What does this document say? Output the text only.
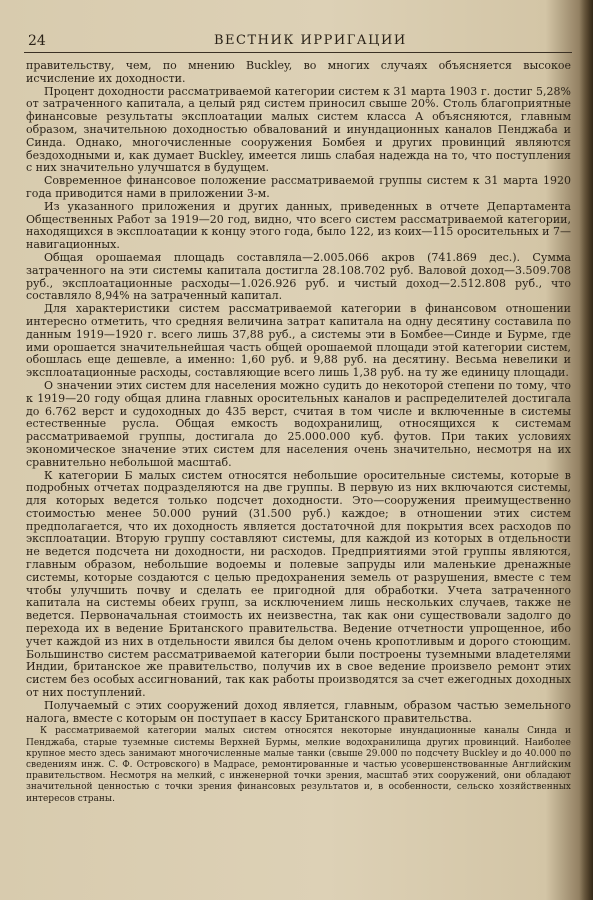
24	ВЕСТНИК ИРРИГАЦИИ

правительству, чем, по мнению Buckley, во многих случаях объясняется высокое исчисление их доходности.

Процент доходности рассматриваемой категории систем к 31 марта 1903 г. достиг 5,28% от затраченного капитала, а целый ряд систем приносил свыше 20%. Столь благоприятные финансовые результаты эксплоатации малых систем класса А объясняются, главным образом, значительною доходностью обвалований и инундационных каналов Пенджаба и Синда. Однако, многочисленные сооружения Бомбея и других провинций являются бездоходными и, как думает Buckley, имеется лишь слабая надежда на то, что поступления с них значительно улучшатся в будущем.

Современное финансовое положение рассматриваемой группы систем к 31 марта 1920 года приводится нами в приложении 3-м.

Из указанного приложения и других данных, приведенных в отчете Департамента Общественных Работ за 1919—20 год, видно, что всего систем рассматриваемой категории, находящихся в эксплоатации к концу этого года, было 122, из коих—115 оросительных и 7—навигационных.

Общая орошаемая площадь составляла—2.005.066 акров (741.869 дес.). Сумма затраченного на эти системы капитала достигла 28.108.702 руб. Валовой доход—3.509.708 руб., эксплоатационные расходы—1.026.926 руб. и чистый доход—2.512.808 руб., что составляло 8,94% на затраченный капитал.

Для характеристики систем рассматриваемой категории в финансовом отношении интересно отметить, что средняя величина затрат капитала на одну десятину составила по данным 1919—1920 г. всего лишь 37,88 руб., а системы эти в Бомбее—Синде и Бурме, где ими орошается значительнейшая часть общей орошаемой площади этой категории систем, обошлась еще дешевле, а именно: 1,60 руб. и 9,88 руб. на десятину. Весьма невелики и эксплоатационные расходы, составляющие всего лишь 1,38 руб. на ту же единицу площади.

О значении этих систем для населения можно судить до некоторой степени по тому, что к 1919—20 году общая длина главных оросительных каналов и распределителей достигала до 6.762 верст и судоходных до 435 верст, считая в том числе и включенные в системы естественные русла. Общая емкость водохранилищ, относящихся к системам рассматриваемой группы, достигала до 25.000.000 куб. футов. При таких условиях экономическое значение этих систем для населения очень значительно, несмотря на их сравнительно небольшой масштаб.

К категории Б малых систем относятся небольшие оросительные системы, которые в подробных отчетах подразделяются на две группы. В первую из них включаются системы, для которых ведется только подсчет доходности. Это—сооружения преимущественно стоимостью менее 50.000 руний (31.500 руб.) каждое; в отношении этих систем предполагается, что их доходность является достаточной для покрытия всех расходов по эксплоатации. Вторую группу составляют системы, для каждой из которых в отдельности не ведется подсчета ни доходности, ни расходов. Предприятиями этой группы являются, главным образом, небольшие водоемы и полевые запруды или маленькие дренажные системы, которые создаются с целью предохранения земель от разрушения, вместе с тем чтобы улучшить почву и сделать ее пригодной для обработки. Учета затраченного капитала на системы обеих групп, за исключением лишь нескольких случаев, также не ведется. Первоначальная стоимость их неизвестна, так как они существовали задолго до перехода их в ведение Британского правительства. Ведение отчетности упрощенное, ибо учет каждой из них в отдельности явился бы делом очень кропотливым и дорого стоющим. Большинство систем рассматриваемой категории были построены туземными владетелями Индии, британское же правительство, получив их в свое ведение произвело ремонт этих систем без особых ассигнований, так как работы производятся за счет ежегодных доходных от них поступлений.

Получаемый с этих сооружений доход является, главным, образом частью земельного налога, вместе с которым он поступает в кассу Британского правительства.

К рассматриваемой категории малых систем относятся некоторые инундационные каналы Синда и Пенджаба, старые туземные системы Верхней Бурмы, мелкие водохранилища других провинций. Наиболее крупное место здесь занимают многочисленные малые танки (свыше 29.000 по подсчету Buckley и до 40.000 по сведениям инж. С. Ф. Островского) в Мадрасе, ремонтированные и частью усовершенствованные Английским правительством. Несмотря на мелкий, с инженерной точки зрения, масштаб этих сооружений, они обладают значительной ценностью с точки зрения финансовых результатов и, в особенности, сельско хозяйственных интересов страны.
